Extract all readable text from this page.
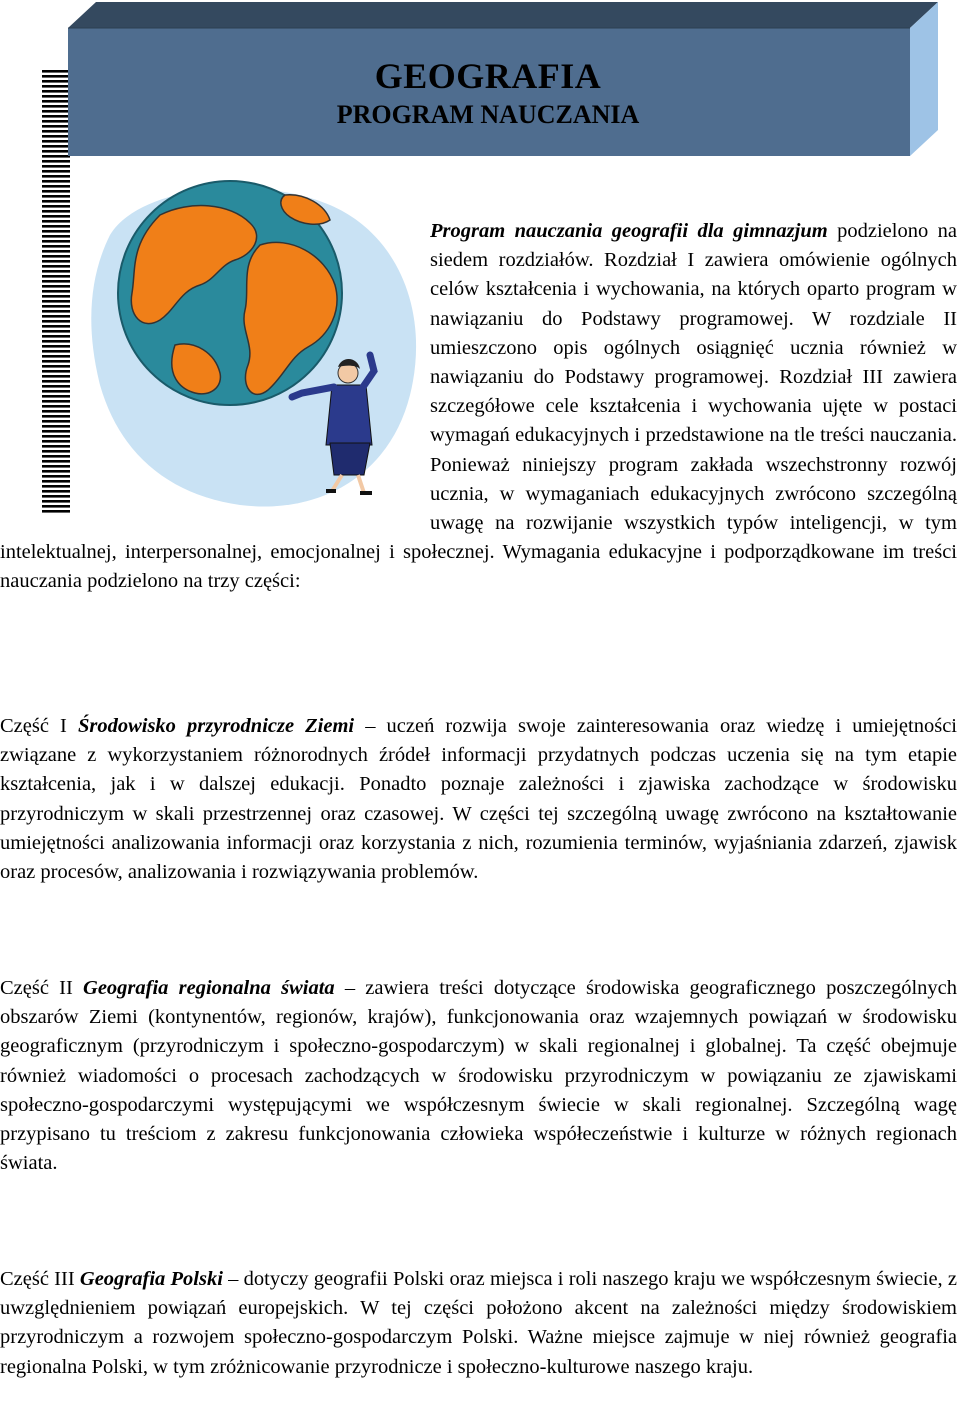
GEOGRAFIA
PROGRAM NAUCZANIA

Program nauczania geografii dla gimnazjum podzielono na siedem rozdziałów. Rozdział I zawiera omówienie ogólnych celów kształcenia i wychowania, na których oparto program w nawiązaniu do Podstawy programowej. W rozdziale II umieszczono opis ogólnych osiągnięć ucznia również w nawiązaniu do Podstawy programowej. Rozdział III zawiera szczegółowe cele kształcenia i wychowania ujęte w postaci wymagań edukacyjnych i przedstawione na tle treści nauczania. Ponieważ niniejszy program zakłada wszechstronny rozwój ucznia, w wymaganiach edukacyjnych zwrócono szczególną uwagę na rozwijanie wszystkich typów inteligencji, w tym intelektualnej, interpersonalnej, emocjonalnej i społecznej. Wymagania edukacyjne i podporządkowane im treści nauczania podzielono na trzy części:

Część I Środowisko przyrodnicze Ziemi – uczeń rozwija swoje zainteresowania oraz wiedzę i umiejętności związane z wykorzystaniem różnorodnych źródeł informacji przydatnych podczas uczenia się na tym etapie kształcenia, jak i w dalszej edukacji. Ponadto poznaje zależności i zjawiska zachodzące w środowisku przyrodniczym w skali przestrzennej oraz czasowej. W części tej szczególną uwagę zwrócono na kształtowanie umiejętności analizowania informacji oraz korzystania z nich, rozumienia terminów, wyjaśniania zdarzeń, zjawisk oraz procesów, analizowania i rozwiązywania problemów.

Część II Geografia regionalna świata – zawiera treści dotyczące środowiska geograficznego poszczególnych obszarów Ziemi (kontynentów, regionów, krajów), funkcjonowania oraz wzajemnych powiązań w środowisku geograficznym (przyrodniczym i społeczno-gospodarczym) w skali regionalnej i globalnej. Ta część obejmuje również wiadomości o procesach zachodzących w środowisku przyrodniczym w powiązaniu ze zjawiskami społeczno-gospodarczymi występującymi we współczesnym świecie w skali regionalnej. Szczególną wagę przypisano tu treściom z zakresu funkcjonowania człowieka współeczeństwie i kulturze w różnych regionach świata.

Część III Geografia Polski – dotyczy geografii Polski oraz miejsca i roli naszego kraju we współczesnym świecie, z uwzględnieniem powiązań europejskich. W tej części położono akcent na zależności między środowiskiem przyrodniczym a rozwojem społeczno-gospodarczym Polski. Ważne miejsce zajmuje w niej również geografia regionalna Polski, w tym zróżnicowanie przyrodnicze i społeczno-kulturowe naszego kraju.
